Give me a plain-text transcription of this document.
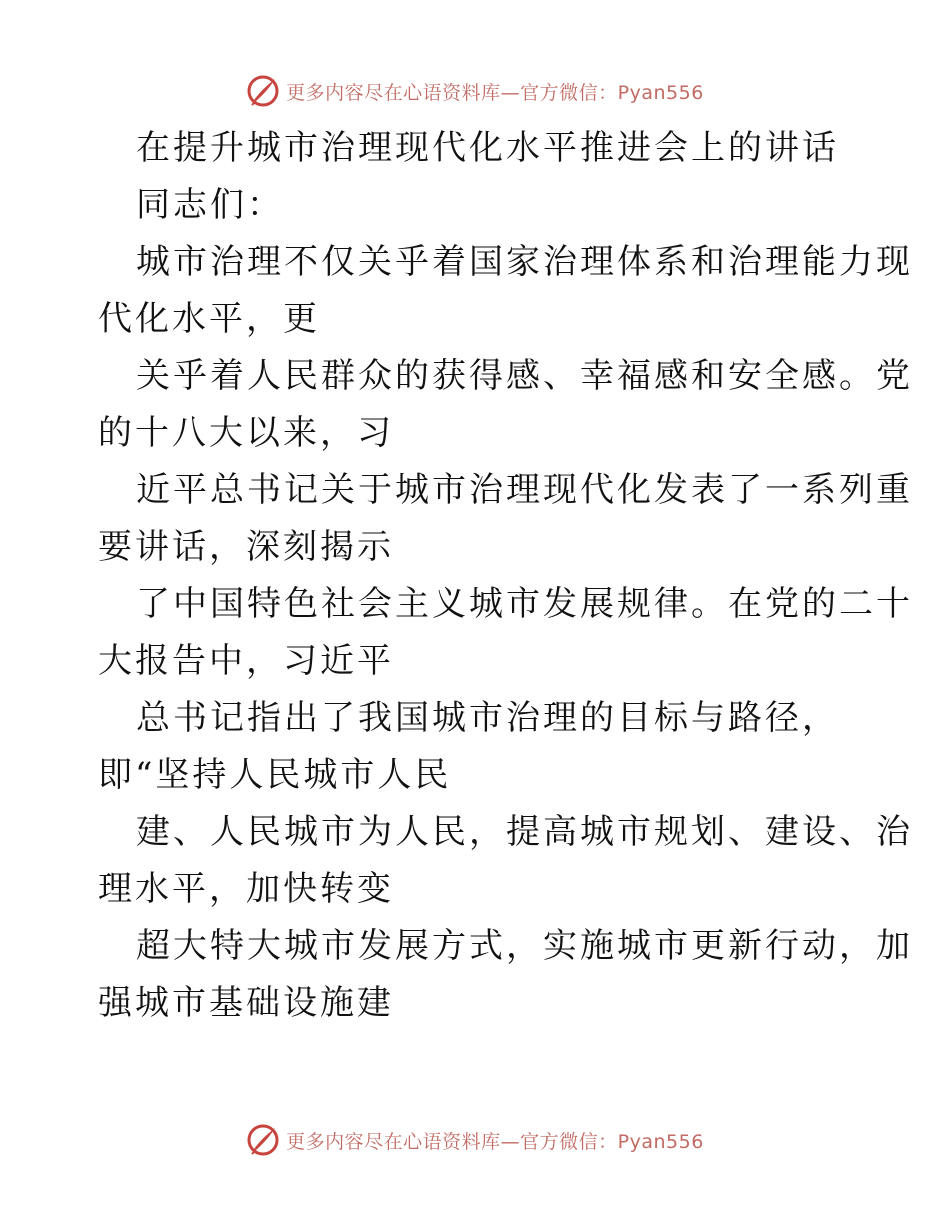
更多内容尽在心语资料库—官方微信：Pyan556
在提升城市治理现代化水平推进会上的讲话
同志们：
城市治理不仅关乎着国家治理体系和治理能力现
代化水平，更
关乎着人民群众的获得感、幸福感和安全感。党
的十八大以来，习
近平总书记关于城市治理现代化发表了一系列重
要讲话，深刻揭示
了中国特色社会主义城市发展规律。在党的二十
大报告中，习近平
总书记指出了我国城市治理的目标与路径，
即“坚持人民城市人民
建、人民城市为人民，提高城市规划、建设、治
理水平，加快转变
超大特大城市发展方式，实施城市更新行动，加
强城市基础设施建
更多内容尽在心语资料库—官方微信：Pyan556
